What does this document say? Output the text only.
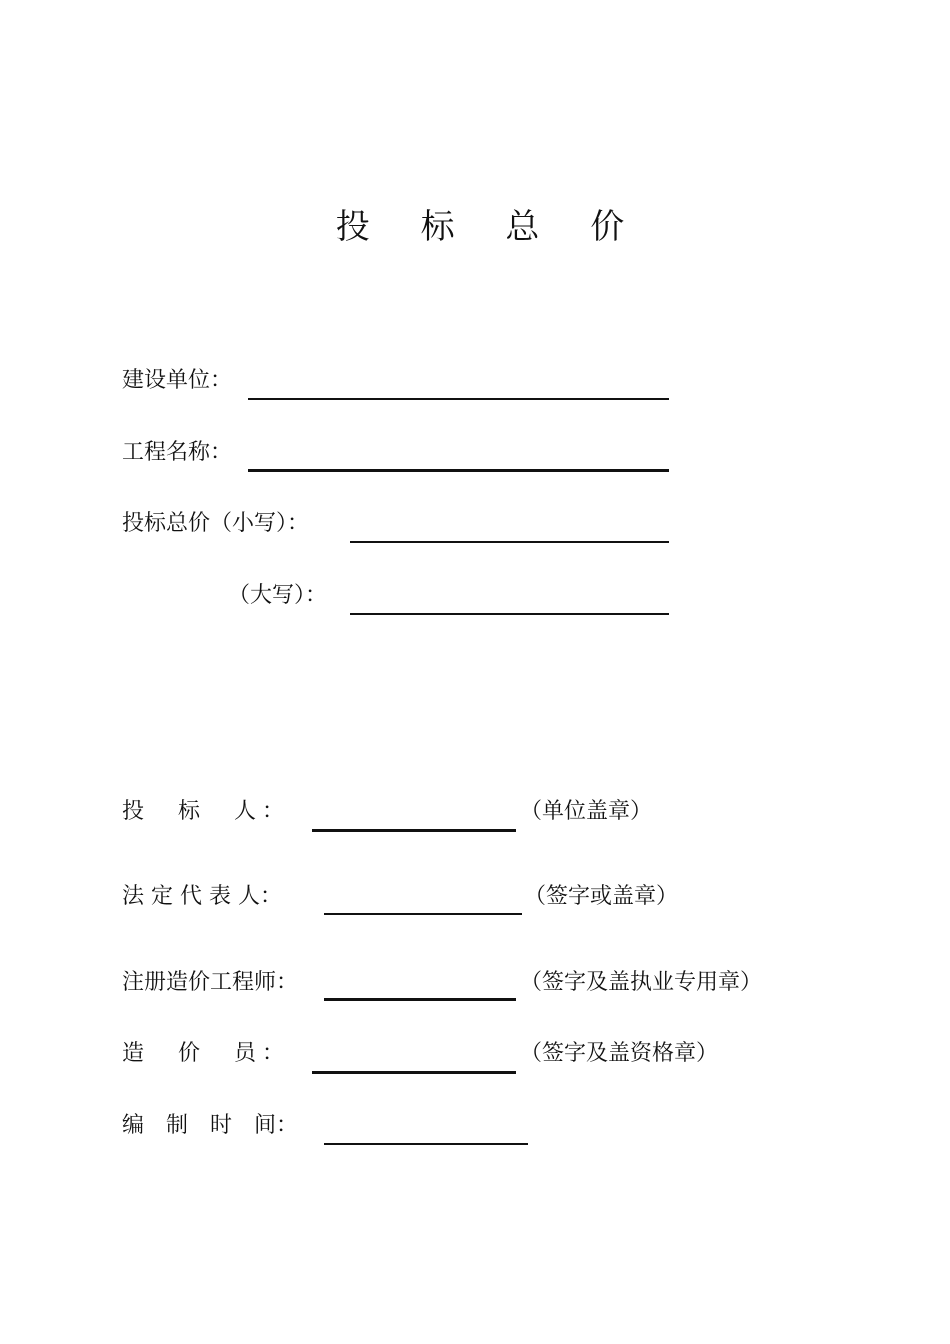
投 标 总 价
建设单位：
工程名称：
投标总价（小写）：
（大写）：
投　标　人：	（单位盖章）
法 定 代 表 人：	（签字或盖章）
注册造价工程师：	（签字及盖执业专用章）
造　价　员：	（签字及盖资格章）
编　制　时　间：
